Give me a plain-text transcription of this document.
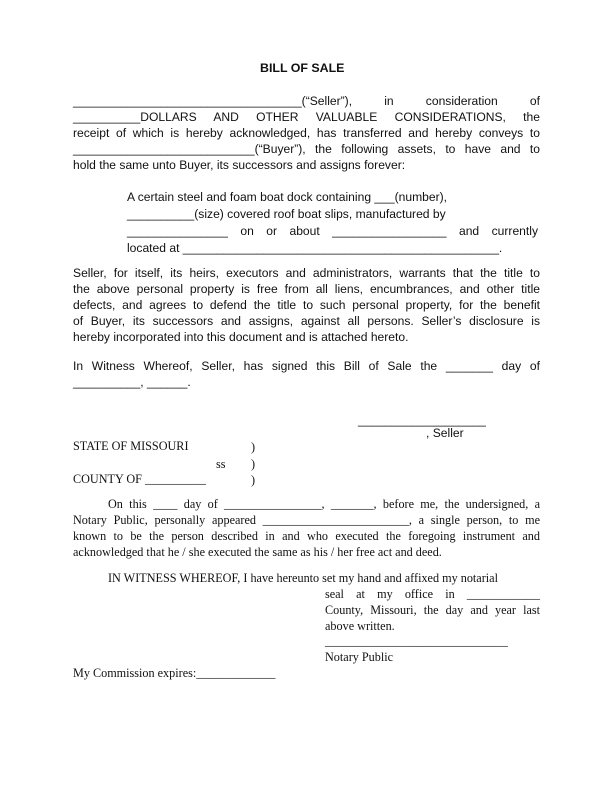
BILL OF SALE
__________________________________(“Seller”), in consideration of
__________DOLLARS AND OTHER VALUABLE CONSIDERATIONS, the
receipt of which is hereby acknowledged, has transferred and hereby conveys to
___________________________(“Buyer”), the following assets, to have and to
hold the same unto Buyer, its successors and assigns forever:
A certain steel and foam boat dock containing ___(number),
__________(size) covered roof boat slips, manufactured by
_______________ on or about _________________ and currently
located at _______________________________________________.
Seller, for itself, its heirs, executors and administrators, warrants that the title to
the above personal property is free from all liens, encumbrances, and other title
defects, and agrees to defend the title to such personal property, for the benefit
of Buyer, its successors and assigns, against all persons. Seller’s disclosure is
hereby incorporated into this document and is attached hereto.
In Witness Whereof, Seller, has signed this Bill of Sale the _______ day of
__________, ______.
___________________
, Seller
STATE OF MISSOURI	)
ss )
COUNTY OF __________	)
On this ____ day of ________________, _______, before me, the undersigned, a
Notary Public, personally appeared ________________________, a single person, to me
known to be the person described in and who executed the foregoing instrument and
acknowledged that he / she executed the same as his / her free act and deed.
IN WITNESS WHEREOF, I have hereunto set my hand and affixed my notarial
seal at my office in ____________
County, Missouri, the day and year last
above written.
______________________________
Notary Public
My Commission expires:_____________
